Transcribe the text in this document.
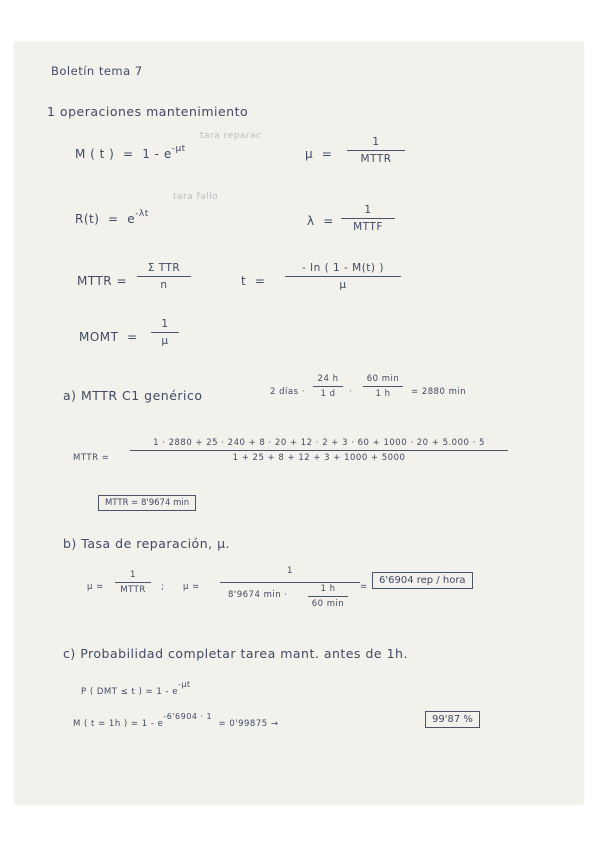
Boletín tema 7
1 operaciones mantenimiento
tara reparac
M ( t ) = $1 - e^{-\mu t}$	μ =
1
MTTR
tara fallo
$R(t) = e^{-\lambda t}$	λ =
1
MTTF
MTTR =
Σ TTR
n	t =
- ln ( 1 - M(t) )
μ
MOMT =
1
μ
a) MTTR C1 genérico	2 días ·
24 h
1 d ·
60 min
1 h = 2880 min
MTTR =
1 · 2880 + 25 · 240 + 8 · 20 + 12 · 2 + 3 · 60 + 1000 · 20 + 5.000 · 5
1 + 25 + 8 + 12 + 3 + 1000 + 5000
MTTR = 8'9674 min
b) Tasa de reparación, μ.
μ =
1
MTTR ; μ =
1
8'9674 min ·
1 h
60 min
=
6'6904 rep / hora
c) Probabilidad completar tarea mant. antes de 1h.
P ( DMT ≤ t ) = 1 - e-μt
M ( t = 1h ) = 1 - e-6'6904 · 1  = 0'99875 →	99'87 %
